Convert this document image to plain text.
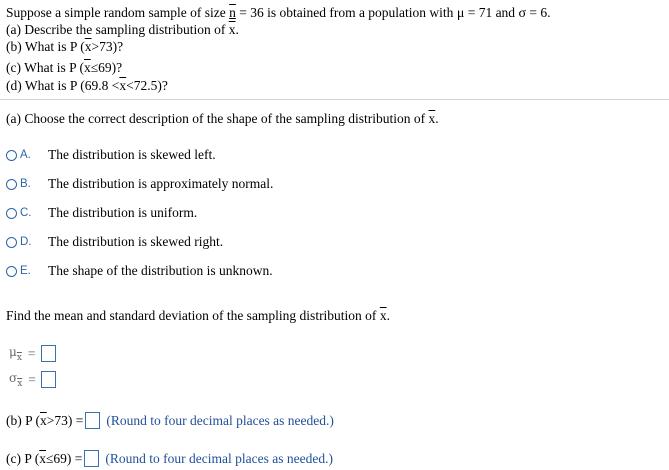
Suppose a simple random sample of size n = 36 is obtained from a population with μ = 71 and σ = 6.
(a) Describe the sampling distribution of $\overline{x}$.
(b) What is P $(\overline{x}>73)$?
(c) What is P $(\overline{x}\le 69)$?
(d) What is P $(69.8 <\overline{x}<72.5)$?
(a) Choose the correct description of the shape of the sampling distribution of $\overline{x}$.
A.	The distribution is skewed left.
B.	The distribution is approximately normal.
C.	The distribution is uniform.
D.	The distribution is skewed right.
E.	The shape of the distribution is unknown.
Find the mean and standard deviation of the sampling distribution of $\overline{x}$.
$\mu_{\overline{x}}$ =
$\sigma_{\overline{x}}$ =
(b) P ( $\overline{x} >73$) = (Round to four decimal places as needed.)
(c) P ( $\overline{x} \le 69$) = (Round to four decimal places as needed.)
